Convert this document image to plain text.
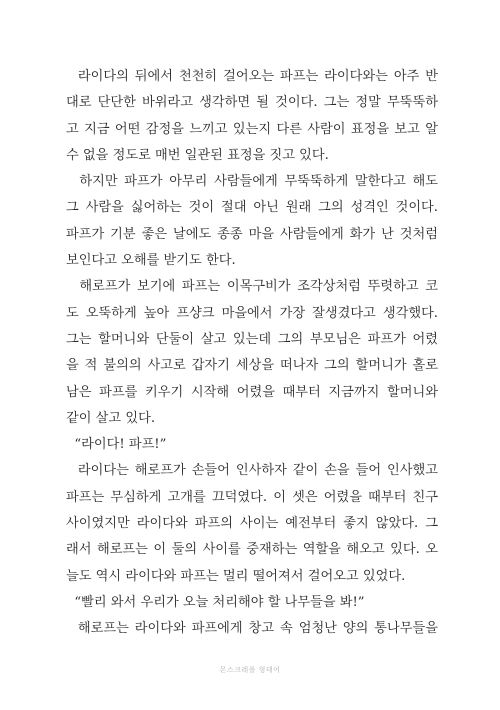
라이다의 뒤에서 천천히 걸어오는 파프는 라이다와는 아주 반
대로 단단한 바위라고 생각하면 될 것이다. 그는 정말 무뚝뚝하
고 지금 어떤 감정을 느끼고 있는지 다른 사람이 표정을 보고 알
수 없을 정도로 매번 일관된 표정을 짓고 있다.
하지만 파프가 아무리 사람들에게 무뚝뚝하게 말한다고 해도
그 사람을 싫어하는 것이 절대 아닌 원래 그의 성격인 것이다.
파프가 기분 좋은 날에도 종종 마을 사람들에게 화가 난 것처럼
보인다고 오해를 받기도 한다.
해로프가 보기에 파프는 이목구비가 조각상처럼 뚜렷하고 코
도 오뚝하게 높아 프샹크 마을에서 가장 잘생겼다고 생각했다.
그는 할머니와 단둘이 살고 있는데 그의 부모님은 파프가 어렸
을 적 불의의 사고로 갑자기 세상을 떠나자 그의 할머니가 홀로
남은 파프를 키우기 시작해 어렸을 때부터 지금까지 할머니와
같이 살고 있다.
“라이다! 파프!”
라이다는 해로프가 손들어 인사하자 같이 손을 들어 인사했고
파프는 무심하게 고개를 끄덕였다. 이 셋은 어렸을 때부터 친구
사이였지만 라이다와 파프의 사이는 예전부터 좋지 않았다. 그
래서 해로프는 이 둘의 사이를 중재하는 역할을 해오고 있다. 오
늘도 역시 라이다와 파프는 멀리 떨어져서 걸어오고 있었다.
“빨리 와서 우리가 오늘 처리해야 할 나무들을 봐!”
해로프는 라이다와 파프에게 창고 속 엄청난 양의 통나무들을
몬스크레플 형태어
